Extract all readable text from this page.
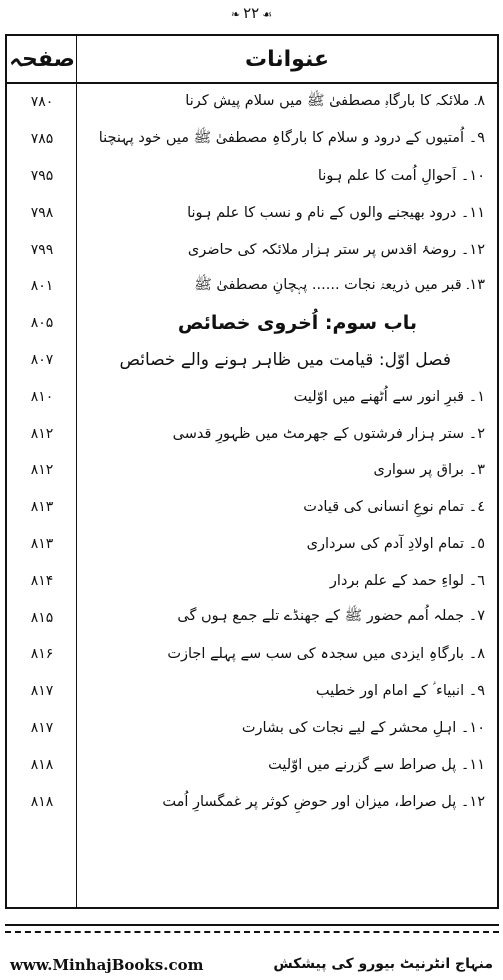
☙۲۲❧
عنوانات
صفحہ
٨۔ ملائکہ کا بارگاہِ مصطفیٰ ﷺ میں سلام پیش کرنا
۷۸۰
٩۔ اُمتیوں کے درود و سلام کا بارگاہِ مصطفیٰ ﷺ میں خود پہنچنا
۷۸۵
١٠۔ اَحوالِ اُمت کا علم ہونا
۷۹۵
١١۔ درود بھیجنے والوں کے نام و نسب کا علم ہونا
۷۹۸
١٢۔ روضۂ اقدس پر ستر ہزار ملائکہ کی حاضری
۷۹۹
١٣۔ قبر میں ذریعۂ نجات ...... پہچانِ مصطفیٰ ﷺ
۸۰۱
باب سوم: اُخروی خصائص
۸۰۵
فصل اوّل: قیامت میں ظاہر ہونے والے خصائص
۸۰۷
١۔ قبرِ انور سے اُٹھنے میں اوّلیت
۸۱۰
٢۔ ستر ہزار فرشتوں کے جھرمٹ میں ظہورِ قدسی
۸۱۲
٣۔ براق پر سواری
۸۱۲
٤۔ تمام نوعِ انسانی کی قیادت
۸۱۳
٥۔ تمام اولادِ آدم کی سرداری
۸۱۳
٦۔ لواءِ حمد کے علم بردار
۸۱۴
٧۔ جملہ اُمم حضور ﷺ کے جھنڈے تلے جمع ہوں گی
۸۱۵
٨۔ بارگاہِ ایزدی میں سجدہ کی سب سے پہلے اجازت
۸۱۶
٩۔ انبیاء ؑ کے امام اور خطیب
۸۱۷
١٠۔ اہلِ محشر کے لیے نجات کی بشارت
۸۱۷
١١۔ پل صراط سے گزرنے میں اوّلیت
۸۱۸
١٢۔ پل صراط، میزان اور حوضِ کوثر پر غمگسارِ اُمت
۸۱۸
www.MinhajBooks.com	منہاج انٹرنیٹ بیورو کی پیشکش
